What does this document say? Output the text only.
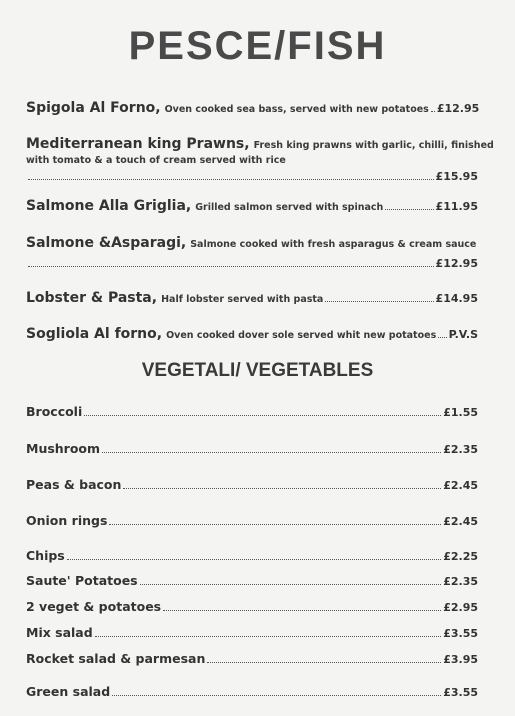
PESCE/FISH
Spigola Al Forno, Oven cooked sea bass, served with new potatoes £12.95
Mediterranean king Prawns, Fresh king prawns with garlic, chilli, finished
with tomato & a touch of cream served with rice
£15.95
Salmone Alla Griglia, Grilled salmon served with spinach	£11.95
Salmone &Asparagi, Salmone cooked with fresh asparagus & cream sauce
£12.95
Lobster & Pasta, Half lobster served with pasta	£14.95
Sogliola Al forno, Oven cooked dover sole served whit new potatoes P.V.S
VEGETALI/ VEGETABLES
Broccoli	£1.55
Mushroom	£2.35
Peas & bacon	£2.45
Onion rings	£2.45
Chips	£2.25
Saute' Potatoes	£2.35
2 veget & potatoes	£2.95
Mix salad	£3.55
Rocket salad & parmesan	£3.95
Green salad	£3.55
